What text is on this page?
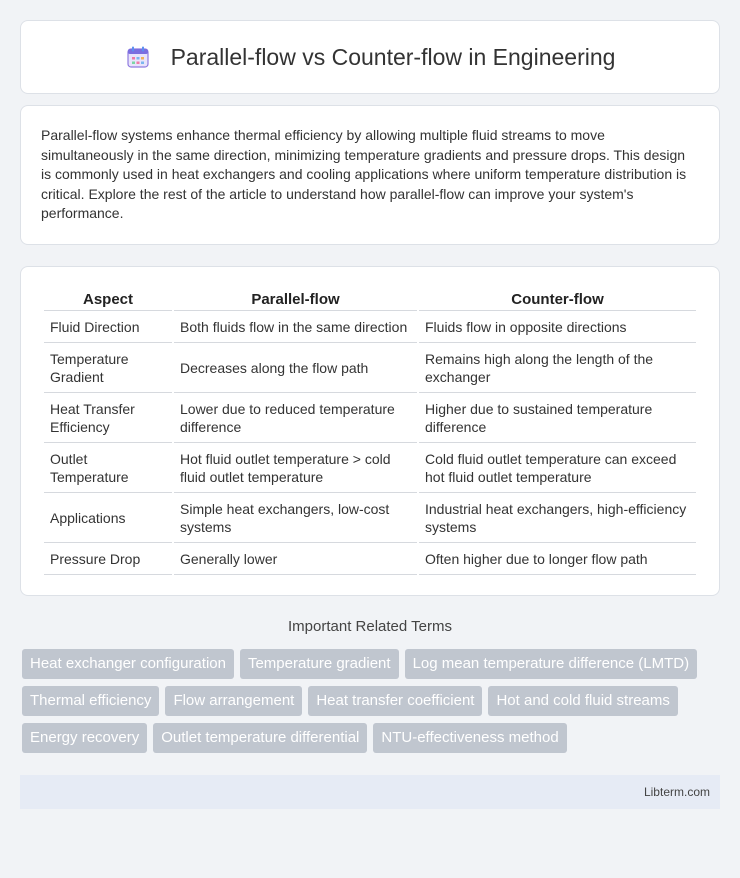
Parallel-flow vs Counter-flow in Engineering

Parallel-flow systems enhance thermal efficiency by allowing multiple fluid streams to move simultaneously in the same direction, minimizing temperature gradients and pressure drops. This design is commonly used in heat exchangers and cooling applications where uniform temperature distribution is critical. Explore the rest of the article to understand how parallel-flow can improve your system's performance.

Aspect	Parallel-flow	Counter-flow
Fluid Direction	Both fluids flow in the same direction	Fluids flow in opposite directions
Temperature Gradient	Decreases along the flow path	Remains high along the length of the exchanger
Heat Transfer Efficiency	Lower due to reduced temperature difference	Higher due to sustained temperature difference
Outlet Temperature	Hot fluid outlet temperature > cold fluid outlet temperature	Cold fluid outlet temperature can exceed hot fluid outlet temperature
Applications	Simple heat exchangers, low-cost systems	Industrial heat exchangers, high-efficiency systems
Pressure Drop	Generally lower	Often higher due to longer flow path
Important Related Terms
Heat exchanger configuration	Temperature gradient	Log mean temperature difference (LMTD)
Thermal efficiency	Flow arrangement	Heat transfer coefficient	Hot and cold fluid streams
Energy recovery	Outlet temperature differential	NTU-effectiveness method
Libterm.com
